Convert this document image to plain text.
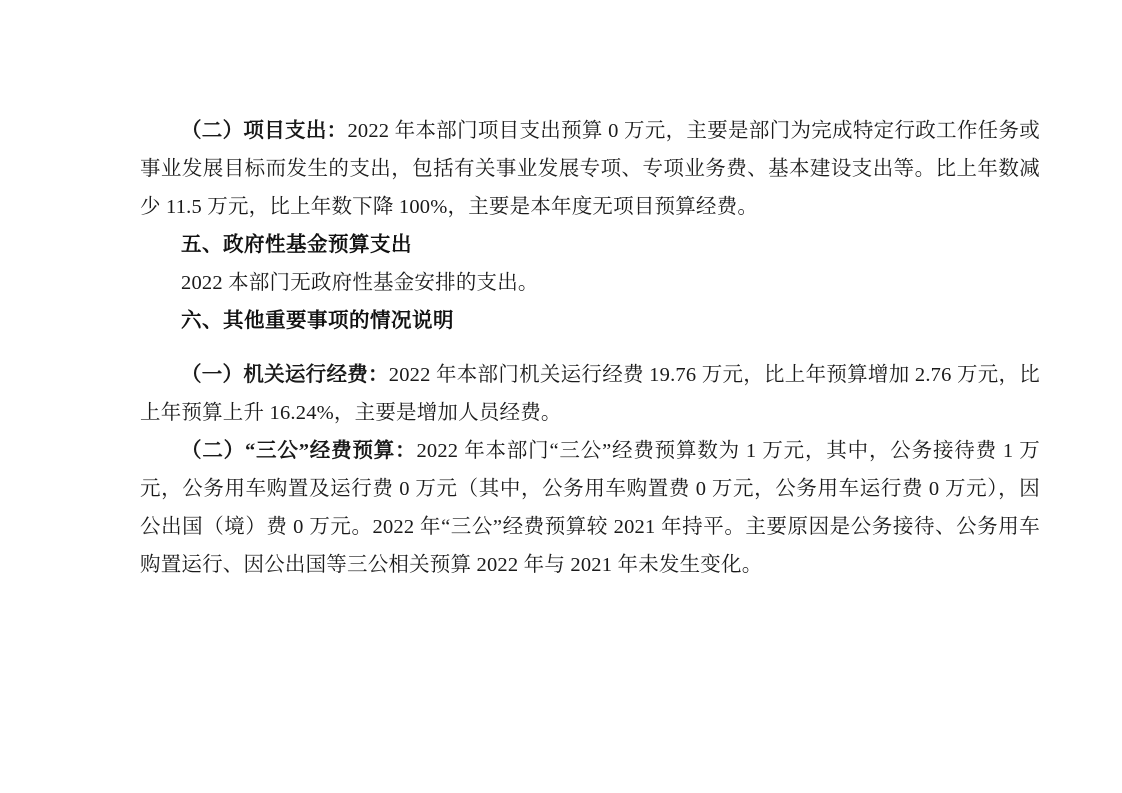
（二）项目支出：2022 年本部门项目支出预算 0 万元，主要是部门为完成特定行政工作任务或事业发展目标而发生的支出，包括有关事业发展专项、专项业务费、基本建设支出等。比上年数减少 11.5 万元，比上年数下降 100%，主要是本年度无项目预算经费。

五、政府性基金预算支出

2022 本部门无政府性基金安排的支出。

六、其他重要事项的情况说明

（一）机关运行经费：2022 年本部门机关运行经费 19.76 万元，比上年预算增加 2.76 万元，比上年预算上升 16.24%，主要是增加人员经费。

（二）“三公”经费预算：2022 年本部门“三公”经费预算数为 1 万元，其中，公务接待费 1 万元，公务用车购置及运行费 0 万元（其中，公务用车购置费 0 万元，公务用车运行费 0 万元），因公出国（境）费 0 万元。2022 年“三公”经费预算较 2021 年持平。主要原因是公务接待、公务用车购置运行、因公出国等三公相关预算 2022 年与 2021 年未发生变化。
